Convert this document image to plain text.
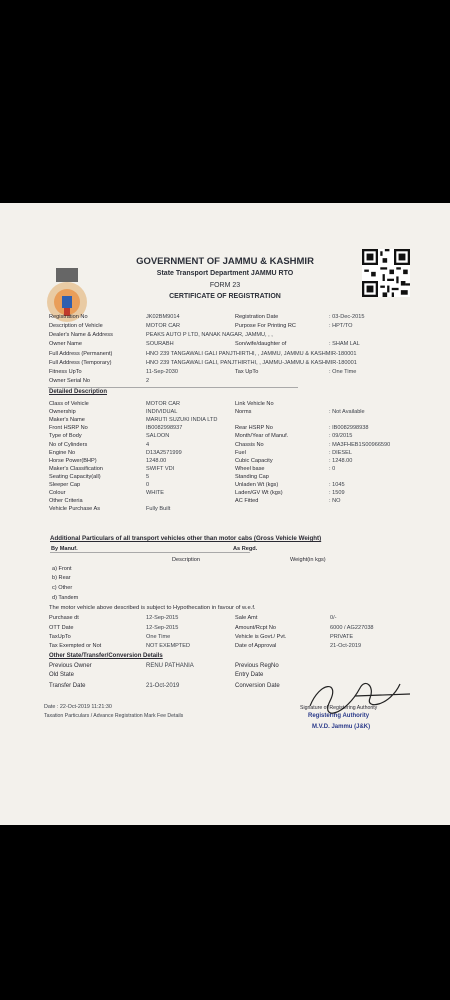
GOVERNMENT OF JAMMU & KASHMIR
State Transport Department JAMMU RTO
FORM 23
CERTIFICATE OF REGISTRATION
Registration No	JK02BM9014
Description of Vehicle	MOTOR CAR
Dealer's Name & Address	PEAKS AUTO P LTD, NANAK NAGAR, JAMMU, , ,
Owner Name	SOURABH
Full Address (Permanent)	HNO 239 TANGAWALI GALI PANJTHIRTHI, , JAMMU, JAMMU & KASHMIR-180001
Full Address (Temporary)	HNO 239 TANGAWALI GALI, PANJTHIRTHI, , JAMMU-JAMMU & KASHMIR-180001
Fitness UpTo	11-Sep-2030
Owner Serial No	2
Registration Date	: 03-Dec-2015
Purpose For Printing RC	: HPT/TO
Son/wife/daughter of	: SHAM LAL
Tax UpTo	: One Time
Detailed Description
Class of Vehicle	MOTOR CAR
Ownership	INDIVIDUAL
Maker's Name	MARUTI SUZUKI INDIA LTD
Front HSRP No	IB0082998937
Type of Body	SALOON
No of Cylinders	4
Engine No	D13A2571999
Horse Power(BHP)	1248.00
Maker's Classification	SWIFT VDI
Seating Capacity(all)	5
Sleeper Cap	0
Colour	WHITE
Other Criteria
Vehicle Purchase As	Fully Built
Link Vehicle No
Norms	: Not Available
Rear HSRP No	: IB0082998938
Month/Year of Manuf.	: 09/2015
Chassis No	: MA3FHEB1S00966590
Fuel	: DIESEL
Cubic Capacity	: 1248.00
Wheel base	: 0
Standing Cap
Unladen Wt (kgs)	: 1045
Laden/GV Wt (kgs)	: 1509
AC Fitted	: NO
Additional Particulars of all transport vehicles other than motor cabs (Gross Vehicle Weight)
By Manuf.	As Regd.
Description	Weight(in kgs)
a) Front
b) Rear
c) Other
d) Tandem
The motor vehicle above described is subject to Hypothecation in favour of w.e.f.
Purchase dt	12-Sep-2015
OTT Date	12-Sep-2015
TaxUpTo	One Time
Tax Exempted or Not	NOT EXEMPTED
Sale Amt	0/-
Amount/Rcpt No	6000 / AG227038
Vehicle is Govt./ Pvt.	PRIVATE
Date of Approval	21-Oct-2019
Other State/Transfer/Conversion Details
Previous Owner	RENU PATHANIA
Old State
Transfer Date	21-Oct-2019
Previous RegNo
Entry Date
Conversion Date
Date : 22-Oct-2019 11:21:30
Taxation Particulars / Advance Registration Mark Fee Details
Signature of Registering Authority
Registering Authority
M.V.D. Jammu (J&K)
